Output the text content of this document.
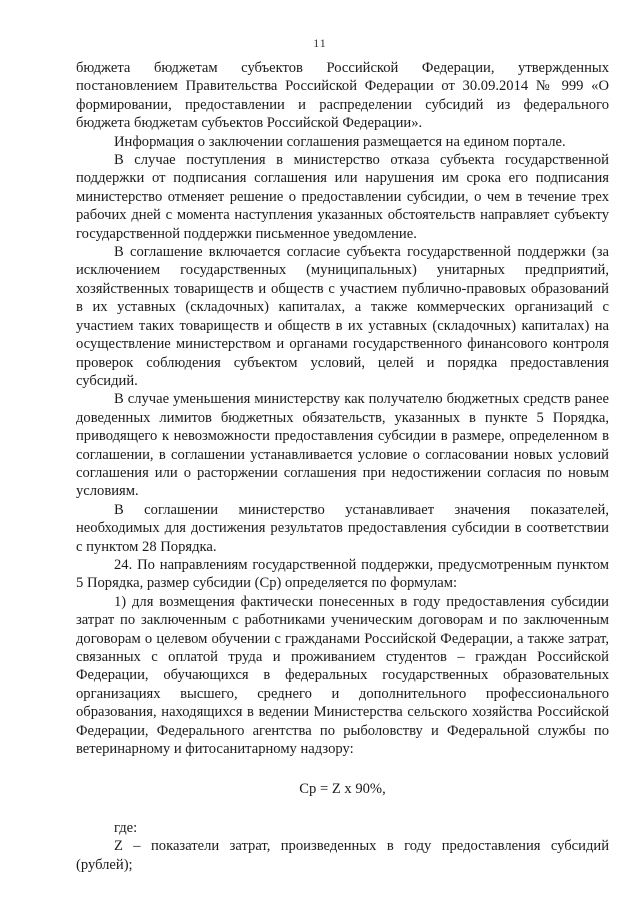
11

бюджета бюджетам субъектов Российской Федерации, утвержденных постановлением Правительства Российской Федерации от 30.09.2014 № 999 «О формировании, предоставлении и распределении субсидий из федерального бюджета бюджетам субъектов Российской Федерации».

Информация о заключении соглашения размещается на едином портале.

В случае поступления в министерство отказа субъекта государственной поддержки от подписания соглашения или нарушения им срока его подписания министерство отменяет решение о предоставлении субсидии, о чем в течение трех рабочих дней с момента наступления указанных обстоятельств направляет субъекту государственной поддержки письменное уведомление.

В соглашение включается согласие субъекта государственной поддержки (за исключением государственных (муниципальных) унитарных предприятий, хозяйственных товариществ и обществ с участием публично-правовых образований в их уставных (складочных) капиталах, а также коммерческих организаций с участием таких товариществ и обществ в их уставных (складочных) капиталах) на осуществление министерством и органами государственного финансового контроля проверок соблюдения субъектом условий, целей и порядка предоставления субсидий.

В случае уменьшения министерству как получателю бюджетных средств ранее доведенных лимитов бюджетных обязательств, указанных в пункте 5 Порядка, приводящего к невозможности предоставления субсидии в размере, определенном в соглашении, в соглашении устанавливается условие о согласовании новых условий соглашения или о расторжении соглашения при недостижении согласия по новым условиям.

В соглашении министерство устанавливает значения показателей, необходимых для достижения результатов предоставления субсидии в соответствии с пунктом 28 Порядка.

24. По направлениям государственной поддержки, предусмотренным пунктом 5 Порядка, размер субсидии (Ср) определяется по формулам:

1) для возмещения фактически понесенных в году предоставления субсидии затрат по заключенным с работниками ученическим договорам и по заключенным договорам о целевом обучении с гражданами Российской Федерации, а также затрат, связанных с оплатой труда и проживанием студентов – граждан Российской Федерации, обучающихся в федеральных государственных образовательных организациях высшего, среднего и дополнительного профессионального образования, находящихся в ведении Министерства сельского хозяйства Российской Федерации, Федерального агентства по рыболовству и Федеральной службы по ветеринарному и фитосанитарному надзору:

Ср = Z х 90%,

где:

Z – показатели затрат, произведенных в году предоставления субсидий (рублей);
